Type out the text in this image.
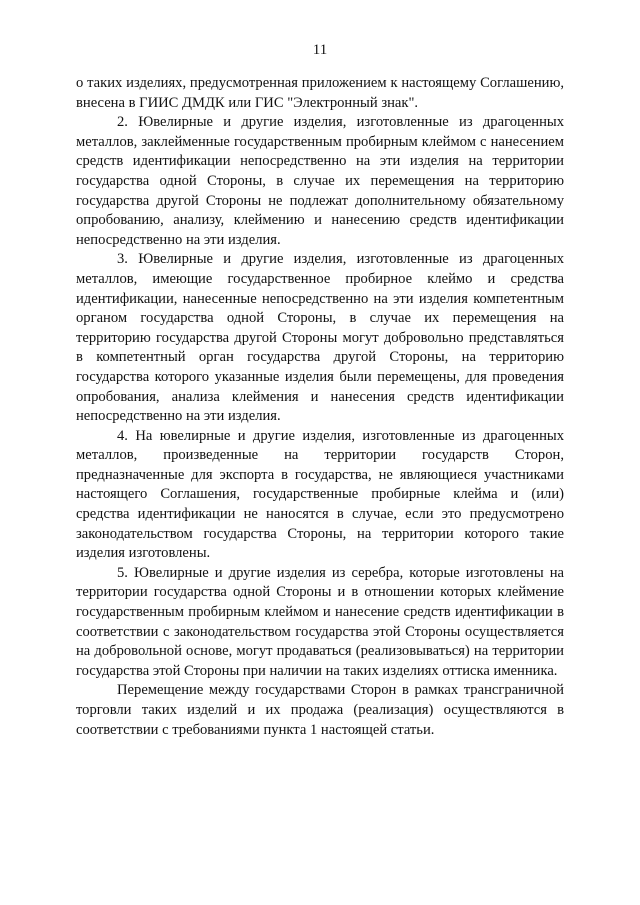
11

о таких изделиях, предусмотренная приложением к настоящему Соглашению, внесена в ГИИС ДМДК или ГИС "Электронный знак".

2. Ювелирные и другие изделия, изготовленные из драгоценных металлов, заклейменные государственным пробирным клеймом с нанесением средств идентификации непосредственно на эти изделия на территории государства одной Стороны, в случае их перемещения на территорию государства другой Стороны не подлежат дополнительному обязательному опробованию, анализу, клеймению и нанесению средств идентификации непосредственно на эти изделия.

3. Ювелирные и другие изделия, изготовленные из драгоценных металлов, имеющие государственное пробирное клеймо и средства идентификации, нанесенные непосредственно на эти изделия компетентным органом государства одной Стороны, в случае их перемещения на территорию государства другой Стороны могут добровольно представляться в компетентный орган государства другой Стороны, на территорию государства которого указанные изделия были перемещены, для проведения опробования, анализа клеймения и нанесения средств идентификации непосредственно на эти изделия.

4. На ювелирные и другие изделия, изготовленные из драгоценных металлов, произведенные на территории государств Сторон, предназначенные для экспорта в государства, не являющиеся участниками настоящего Соглашения, государственные пробирные клейма и (или) средства идентификации не наносятся в случае, если это предусмотрено законодательством государства Стороны, на территории которого такие изделия изготовлены.

5. Ювелирные и другие изделия из серебра, которые изготовлены на территории государства одной Стороны и в отношении которых клеймение государственным пробирным клеймом и нанесение средств идентификации в соответствии с законодательством государства этой Стороны осуществляется на добровольной основе, могут продаваться (реализовываться) на территории государства этой Стороны при наличии на таких изделиях оттиска именника.

Перемещение между государствами Сторон в рамках трансграничной торговли таких изделий и их продажа (реализация) осуществляются в соответствии с требованиями пункта 1 настоящей статьи.
